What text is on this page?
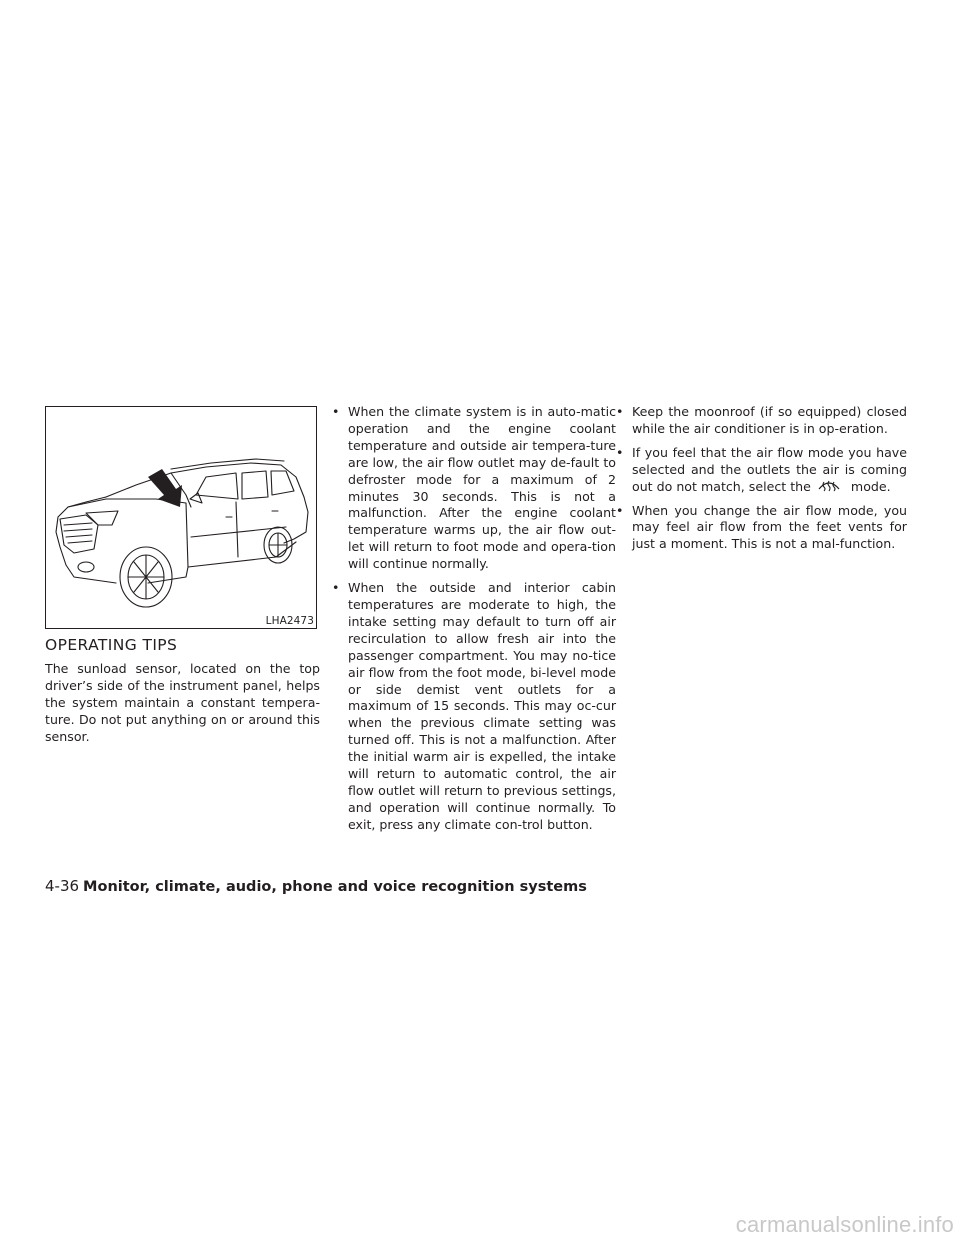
LHA2473
OPERATING TIPS
The sunload sensor, located on the top driver’s side of the instrument panel, helps the system maintain a constant tempera-ture. Do not put anything on or around this sensor.
• When the climate system is in auto-matic operation and the engine coolant temperature and outside air tempera-ture are low, the air flow outlet may de-fault to defroster mode for a maximum of 2 minutes 30 seconds. This is not a malfunction. After the engine coolant temperature warms up, the air flow out-let will return to foot mode and opera-tion will continue normally.
• When the outside and interior cabin temperatures are moderate to high, the intake setting may default to turn off air recirculation to allow fresh air into the passenger compartment. You may no-tice air flow from the foot mode, bi-level mode or side demist vent outlets for a maximum of 15 seconds. This may oc-cur when the previous climate setting was turned off. This is not a malfunction. After the initial warm air is expelled, the intake will return to automatic control, the air flow outlet will return to previous settings, and operation will continue normally. To exit, press any climate con-trol button.
• Keep the moonroof (if so equipped) closed while the air conditioner is in op-eration.
• If you feel that the air flow mode you have selected and the outlets the air is coming out do not match, select the	mode.
• When you change the air flow mode, you may feel air flow from the feet vents for just a moment. This is not a mal-function.
4-36 Monitor, climate, audio, phone and voice recognition systems
carmanualsonline.info
